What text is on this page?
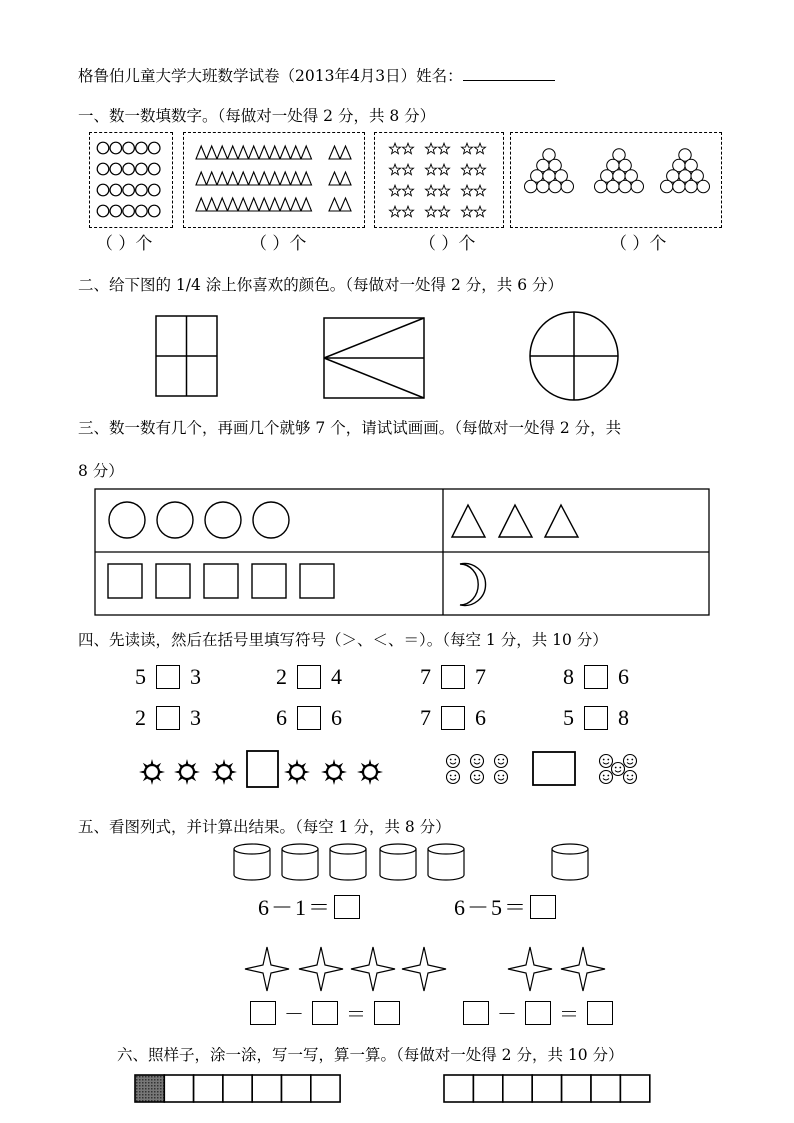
格鲁伯儿童大学大班数学试卷（2013年4月3日）姓名：
一、数一数填数字。（每做对一处得 2 分，共 8 分）
（ ）个	（ ）个	（ ）个	（ ）个
二、给下图的 1/4 涂上你喜欢的颜色。（每做对一处得 2 分，共 6 分）
三、数一数有几个，再画几个就够 7 个，请试试画画。（每做对一处得 2 分，共
8 分）
四、先读读，然后在括号里填写符号（＞、＜、＝）。（每空 1 分，共 10 分）
5 3	2 4	7 7	8 6
2 3	6 6	7 6	5 8
五、看图列式，并计算出结果。（每空 1 分，共 8 分）
6－1＝	6－5＝
－ ＝	－ ＝
六、照样子，涂一涂，写一写，算一算。（每做对一处得 2 分，共 10 分）
